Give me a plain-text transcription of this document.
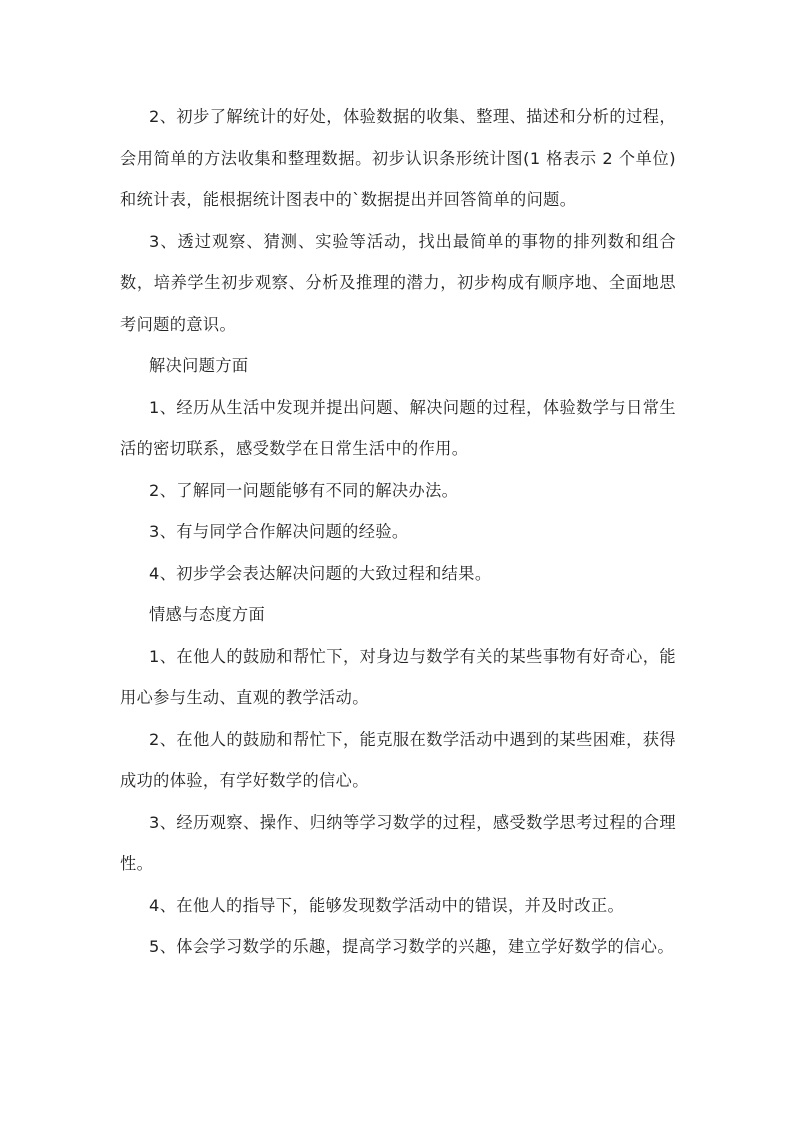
2、初步了解统计的好处，体验数据的收集、整理、描述和分析的过程，会用简单的方法收集和整理数据。初步认识条形统计图(1 格表示 2 个单位)和统计表，能根据统计图表中的`数据提出并回答简单的问题。

3、透过观察、猜测、实验等活动，找出最简单的事物的排列数和组合数，培养学生初步观察、分析及推理的潜力，初步构成有顺序地、全面地思考问题的意识。

解决问题方面

1、经历从生活中发现并提出问题、解决问题的过程，体验数学与日常生活的密切联系，感受数学在日常生活中的作用。

2、了解同一问题能够有不同的解决办法。

3、有与同学合作解决问题的经验。

4、初步学会表达解决问题的大致过程和结果。

情感与态度方面

1、在他人的鼓励和帮忙下，对身边与数学有关的某些事物有好奇心，能用心参与生动、直观的教学活动。

2、在他人的鼓励和帮忙下，能克服在数学活动中遇到的某些困难，获得成功的体验，有学好数学的信心。

3、经历观察、操作、归纳等学习数学的过程，感受数学思考过程的合理性。

4、在他人的指导下，能够发现数学活动中的错误，并及时改正。

5、体会学习数学的乐趣，提高学习数学的兴趣，建立学好数学的信心。
